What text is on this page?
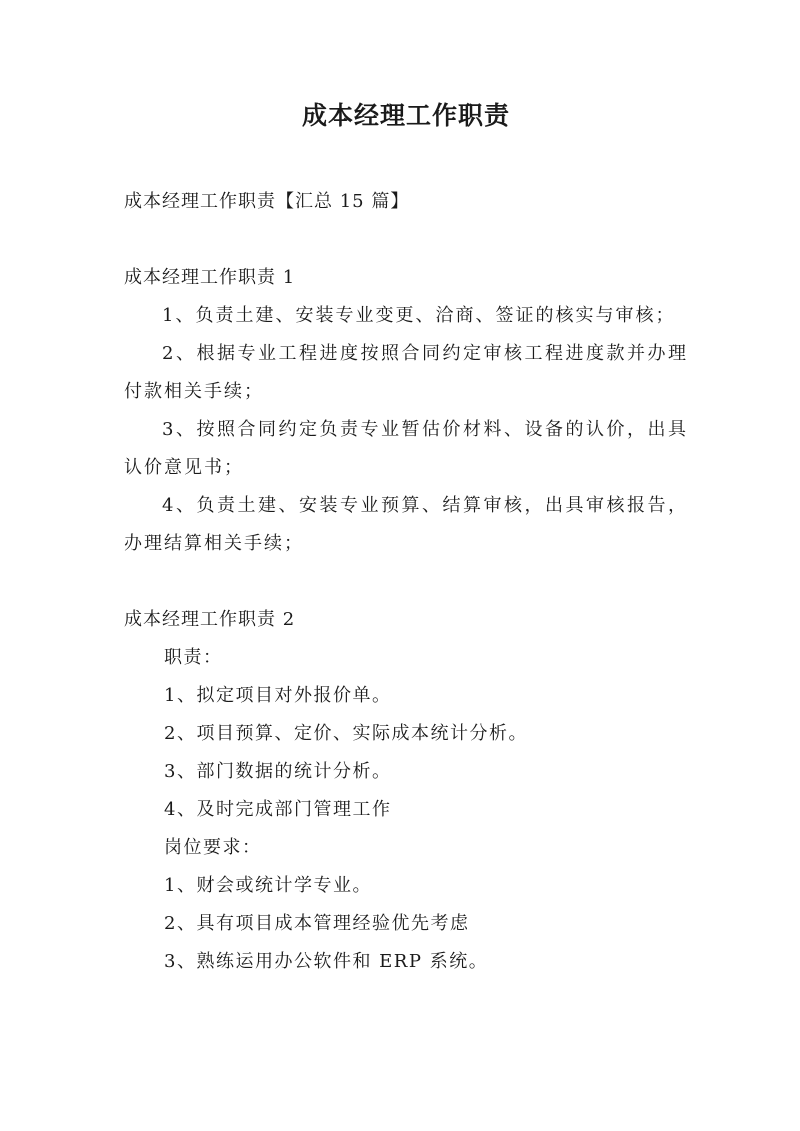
成本经理工作职责

成本经理工作职责【汇总 15 篇】

成本经理工作职责 1

1、负责土建、安装专业变更、洽商、签证的核实与审核；

2、根据专业工程进度按照合同约定审核工程进度款并办理付款相关手续；

3、按照合同约定负责专业暂估价材料、设备的认价，出具认价意见书；

4、负责土建、安装专业预算、结算审核，出具审核报告，办理结算相关手续；

成本经理工作职责 2

职责：

1、拟定项目对外报价单。

2、项目预算、定价、实际成本统计分析。

3、部门数据的统计分析。

4、及时完成部门管理工作

岗位要求：

1、财会或统计学专业。

2、具有项目成本管理经验优先考虑

3、熟练运用办公软件和 ERP 系统。
